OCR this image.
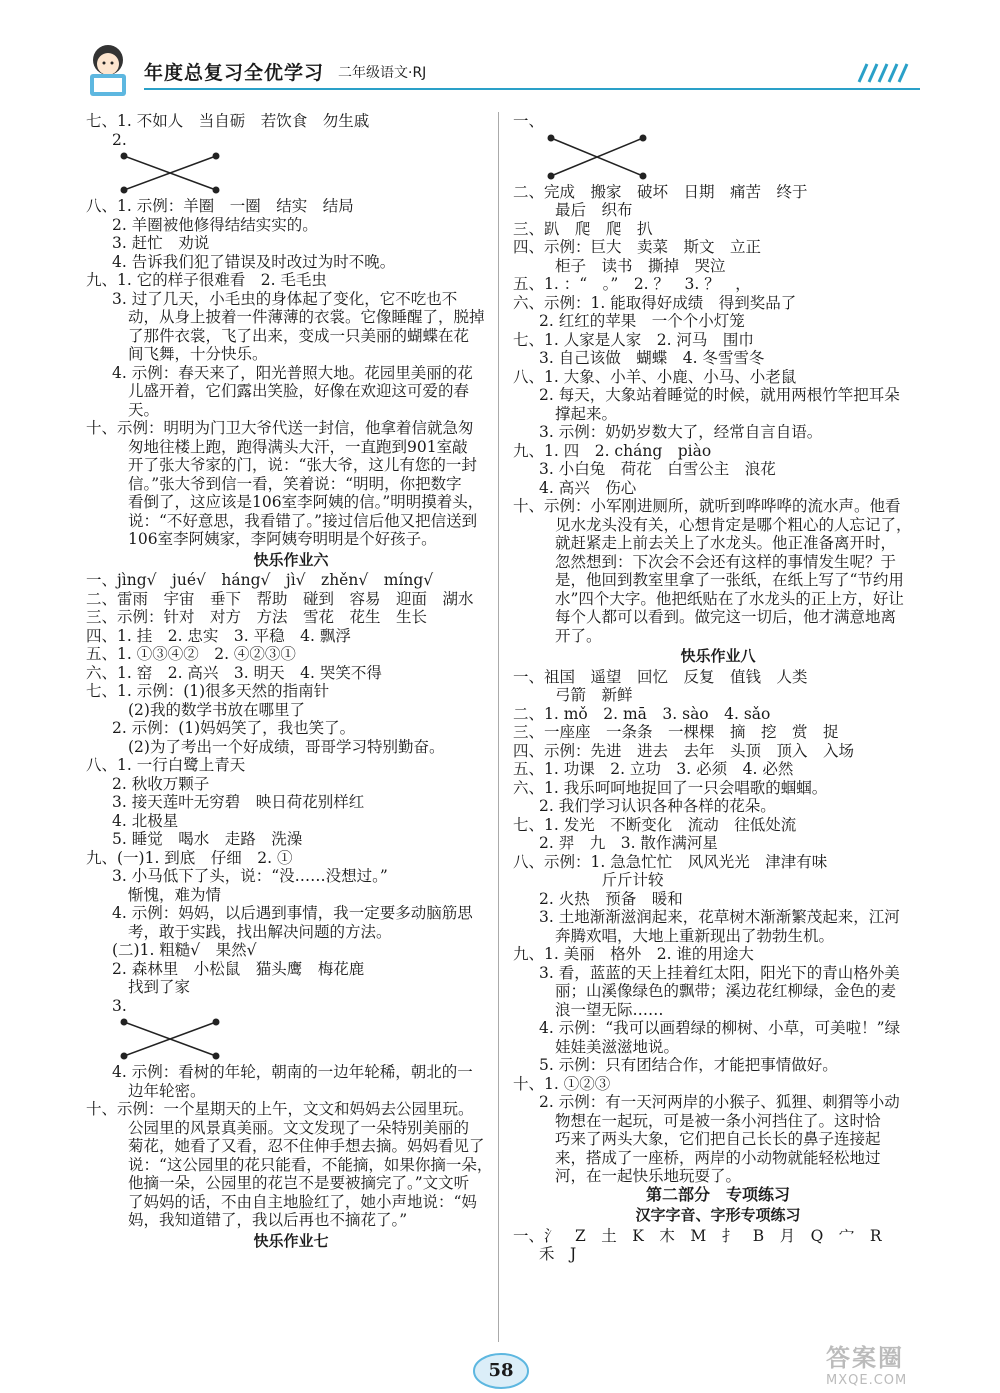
年度总复习全优学习 二年级语文·RJ
七、1. 不如人　当自砺　若饮食　勿生戚
2.
八、1. 示例：羊圈　一圈　结实　结局
2. 羊圈被他修得结结实实的。
3. 赶忙　劝说
4. 告诉我们犯了错误及时改过为时不晚。
九、1. 它的样子很难看　2. 毛毛虫
3. 过了几天，小毛虫的身体起了变化，它不吃也不
动，从身上披着一件薄薄的衣裳。它像睡醒了，脱掉
了那件衣裳，飞了出来，变成一只美丽的蝴蝶在花
间飞舞，十分快乐。
4. 示例：春天来了，阳光普照大地。花园里美丽的花
儿盛开着，它们露出笑脸，好像在欢迎这可爱的春
天。
十、示例：明明为门卫大爷代送一封信，他拿着信就急匆
匆地往楼上跑，跑得满头大汗，一直跑到901室敲
开了张大爷家的门，说：“张大爷，这儿有您的一封
信。”张大爷到信一看，笑着说：“明明，你把数字
看倒了，这应该是106室李阿姨的信。”明明摸着头，
说：“不好意思，我看错了。”接过信后他又把信送到
106室李阿姨家，李阿姨夸明明是个好孩子。
快乐作业六
一、jìng√　jué√　háng√　jì√　zhěn√　míng√
二、雷雨　宇宙　垂下　帮助　碰到　容易　迎面　湖水
三、示例：针对　对方　方法　雪花　花生　生长
四、1. 挂　2. 忠实　3. 平稳　4. 飘浮
五、1. ①③④②　2. ④②③①
六、1. 窑　2. 高兴　3. 明天　4. 哭笑不得
七、1. 示例：(1)很多天然的指南针
(2)我的数学书放在哪里了
2. 示例：(1)妈妈笑了，我也笑了。
(2)为了考出一个好成绩，哥哥学习特别勤奋。
八、1. 一行白鹭上青天
2. 秋收万颗子
3. 接天莲叶无穷碧　映日荷花别样红
4. 北极星
5. 睡觉　喝水　走路　洗澡
九、(一)1. 到底　仔细　2. ①
3. 小马低下了头，说：“没……没想过。”
惭愧，难为情
4. 示例：妈妈，以后遇到事情，我一定要多动脑筋思
考，敢于实践，找出解决问题的方法。
(二)1. 粗糙√　果然√
2. 森林里　小松鼠　猫头鹰　梅花鹿
找到了家
3.
4. 示例：看树的年轮，朝南的一边年轮稀，朝北的一
边年轮密。
十、示例：一个星期天的上午，文文和妈妈去公园里玩。
公园里的风景真美丽。文文发现了一朵特别美丽的
菊花，她看了又看，忍不住伸手想去摘。妈妈看见了
说：“这公园里的花只能看，不能摘，如果你摘一朵，
他摘一朵，公园里的花岂不是要被摘完了。”文文听
了妈妈的话，不由自主地脸红了，她小声地说：“妈
妈，我知道错了，我以后再也不摘花了。”
快乐作业七
一、
二、完成　搬家　破坏　日期　痛苦　终于
最后　织布
三、趴　爬　爬　扒
四、示例：巨大　卖菜　斯文　立正
柜子　读书　撕掉　哭泣
五、1. ：“　。”　2. ？　3. ？　，
六、示例：1. 能取得好成绩　得到奖品了
2. 红红的苹果　一个个小灯笼
七、1. 人家是人家　2. 河马　围巾
3. 自己该做　蝴蝶　4. 冬雪雪冬
八、1. 大象、小羊、小鹿、小马、小老鼠
2. 每天，大象站着睡觉的时候，就用两根竹竿把耳朵
撑起来。
3. 示例：奶奶岁数大了，经常自言自语。
九、1. 四　2. cháng　piào
3. 小白兔　荷花　白雪公主　浪花
4. 高兴　伤心
十、示例：小军刚进厕所，就听到哗哗哗的流水声。他看
见水龙头没有关，心想肯定是哪个粗心的人忘记了，
就赶紧走上前去关上了水龙头。他正准备离开时，
忽然想到：下次会不会还有这样的事情发生呢？于
是，他回到教室里拿了一张纸，在纸上写了“节约用
水”四个大字。他把纸贴在了水龙头的正上方，好让
每个人都可以看到。做完这一切后，他才满意地离
开了。
快乐作业八
一、祖国　遥望　回忆　反复　值钱　人类
弓箭　新鲜
二、1. mǒ　2. mā　3. sào　4. sǎo
三、一座座　一条条　一棵棵　摘　挖　赏　捉
四、示例：先进　进去　去年　头顶　顶入　入场
五、1. 功课　2. 立功　3. 必须　4. 必然
六、1. 我乐呵呵地捉回了一只会唱歌的蝈蝈。
2. 我们学习认识各种各样的花朵。
七、1. 发光　不断变化　流动　往低处流
2. 羿　九　3. 散作满河星
八、示例：1. 急急忙忙　风风光光　津津有味
　　　斤斤计较
2. 火热　预备　暖和
3. 土地渐渐滋润起来，花草树木渐渐繁茂起来，江河
奔腾欢唱，大地上重新现出了勃勃生机。
九、1. 美丽　格外　2. 谁的用途大
3. 看，蓝蓝的天上挂着红太阳，阳光下的青山格外美
丽；山溪像绿色的飘带；溪边花红柳绿，金色的麦
浪一望无际……
4. 示例：“我可以画碧绿的柳树、小草，可美啦！”绿
娃娃美滋滋地说。
5. 示例：只有团结合作，才能把事情做好。
十、1. ①②③
2. 示例：有一天河两岸的小猴子、狐狸、刺猬等小动
物想在一起玩，可是被一条小河挡住了。这时恰
巧来了两头大象，它们把自己长长的鼻子连接起
来，搭成了一座桥，两岸的小动物就能轻松地过
河，在一起快乐地玩耍了。
第二部分　专项练习
汉字字音、字形专项练习
一、氵　Z　土　K　木　M　扌　B　月　Q　宀　R
禾　J
58	答案圈
MXQE.COM
